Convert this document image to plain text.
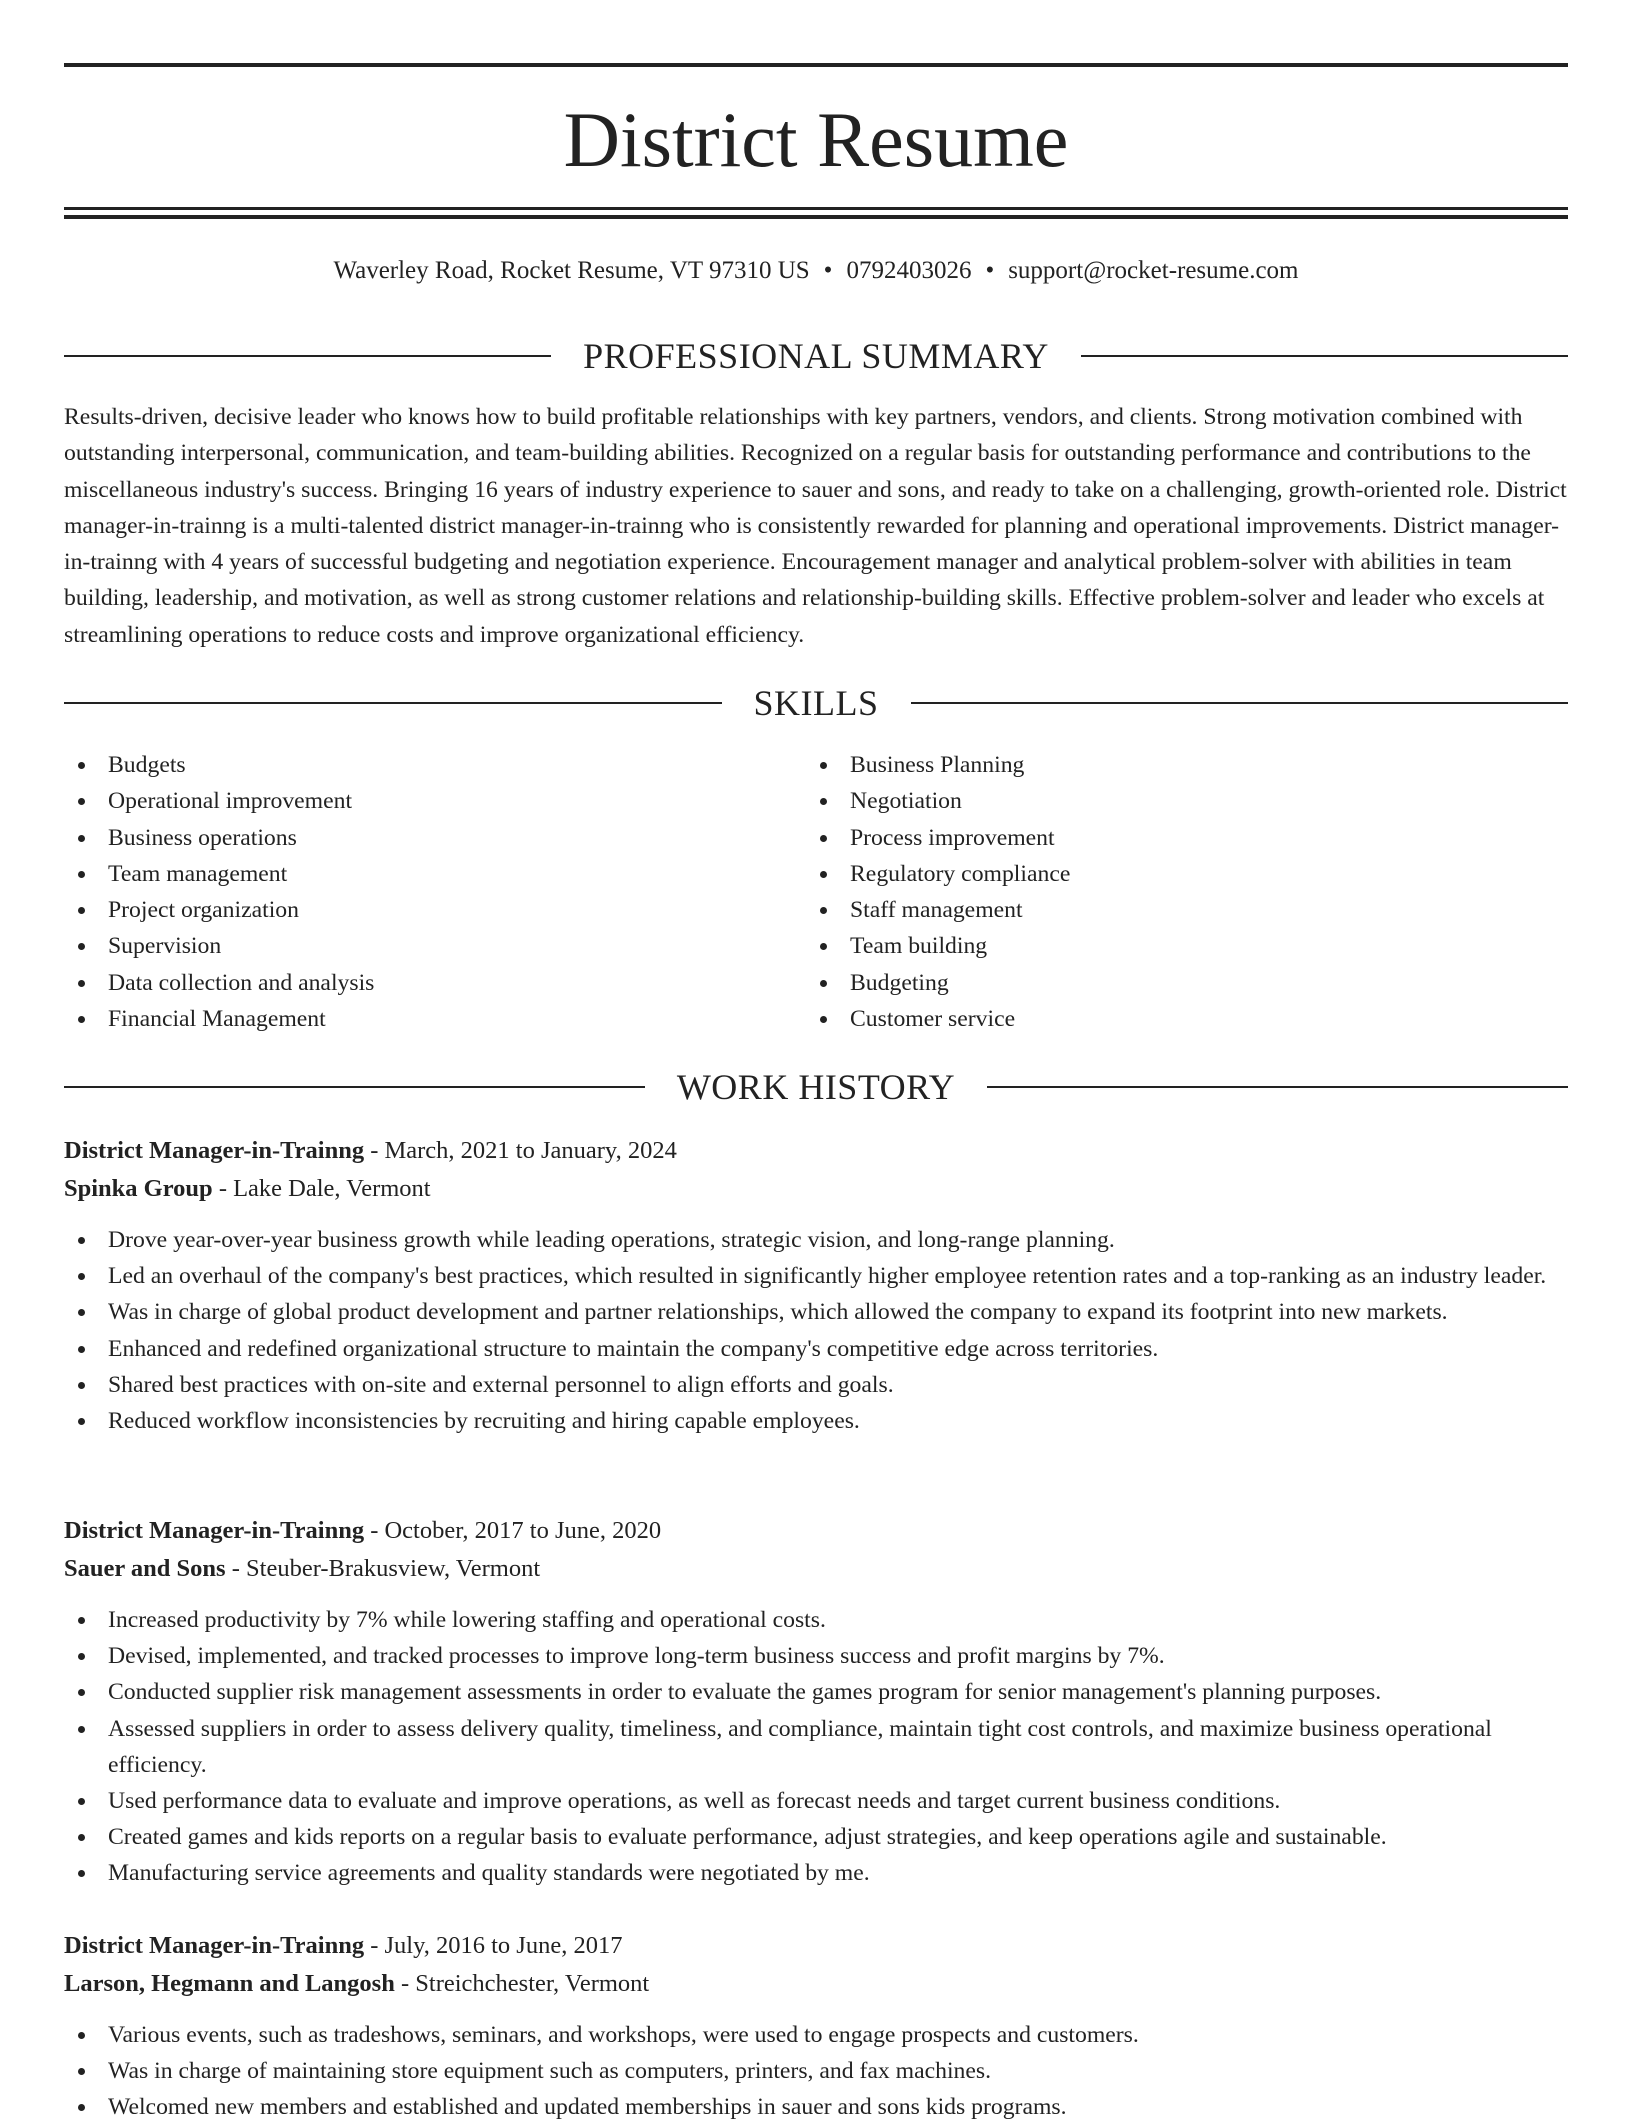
District Resume
Waverley Road, Rocket Resume, VT 97310 US • 0792403026 • support@rocket-resume.com
PROFESSIONAL SUMMARY

Results-driven, decisive leader who knows how to build profitable relationships with key partners, vendors, and clients. Strong motivation combined with outstanding interpersonal, communication, and team-building abilities. Recognized on a regular basis for outstanding performance and contributions to the miscellaneous industry's success. Bringing 16 years of industry experience to sauer and sons, and ready to take on a challenging, growth-oriented role. District manager-in-trainng is a multi-talented district manager-in-trainng who is consistently rewarded for planning and operational improvements. District manager-in-trainng with 4 years of successful budgeting and negotiation experience. Encouragement manager and analytical problem-solver with abilities in team building, leadership, and motivation, as well as strong customer relations and relationship-building skills. Effective problem-solver and leader who excels at streamlining operations to reduce costs and improve organizational efficiency.

SKILLS
Budgets
Operational improvement
Business operations
Team management
Project organization
Supervision
Data collection and analysis
Financial Management
Business Planning
Negotiation
Process improvement
Regulatory compliance
Staff management
Team building
Budgeting
Customer service
WORK HISTORY
District Manager-in-Trainng - March, 2021 to January, 2024
Spinka Group - Lake Dale, Vermont
Drove year-over-year business growth while leading operations, strategic vision, and long-range planning.
Led an overhaul of the company's best practices, which resulted in significantly higher employee retention rates and a top-ranking as an industry leader.
Was in charge of global product development and partner relationships, which allowed the company to expand its footprint into new markets.
Enhanced and redefined organizational structure to maintain the company's competitive edge across territories.
Shared best practices with on-site and external personnel to align efforts and goals.
Reduced workflow inconsistencies by recruiting and hiring capable employees.
District Manager-in-Trainng - October, 2017 to June, 2020
Sauer and Sons - Steuber-Brakusview, Vermont
Increased productivity by 7% while lowering staffing and operational costs.
Devised, implemented, and tracked processes to improve long-term business success and profit margins by 7%.
Conducted supplier risk management assessments in order to evaluate the games program for senior management's planning purposes.
Assessed suppliers in order to assess delivery quality, timeliness, and compliance, maintain tight cost controls, and maximize business operational efficiency.
Used performance data to evaluate and improve operations, as well as forecast needs and target current business conditions.
Created games and kids reports on a regular basis to evaluate performance, adjust strategies, and keep operations agile and sustainable.
Manufacturing service agreements and quality standards were negotiated by me.
District Manager-in-Trainng - July, 2016 to June, 2017
Larson, Hegmann and Langosh - Streichchester, Vermont
Various events, such as tradeshows, seminars, and workshops, were used to engage prospects and customers.
Was in charge of maintaining store equipment such as computers, printers, and fax machines.
Welcomed new members and established and updated memberships in sauer and sons kids programs.
